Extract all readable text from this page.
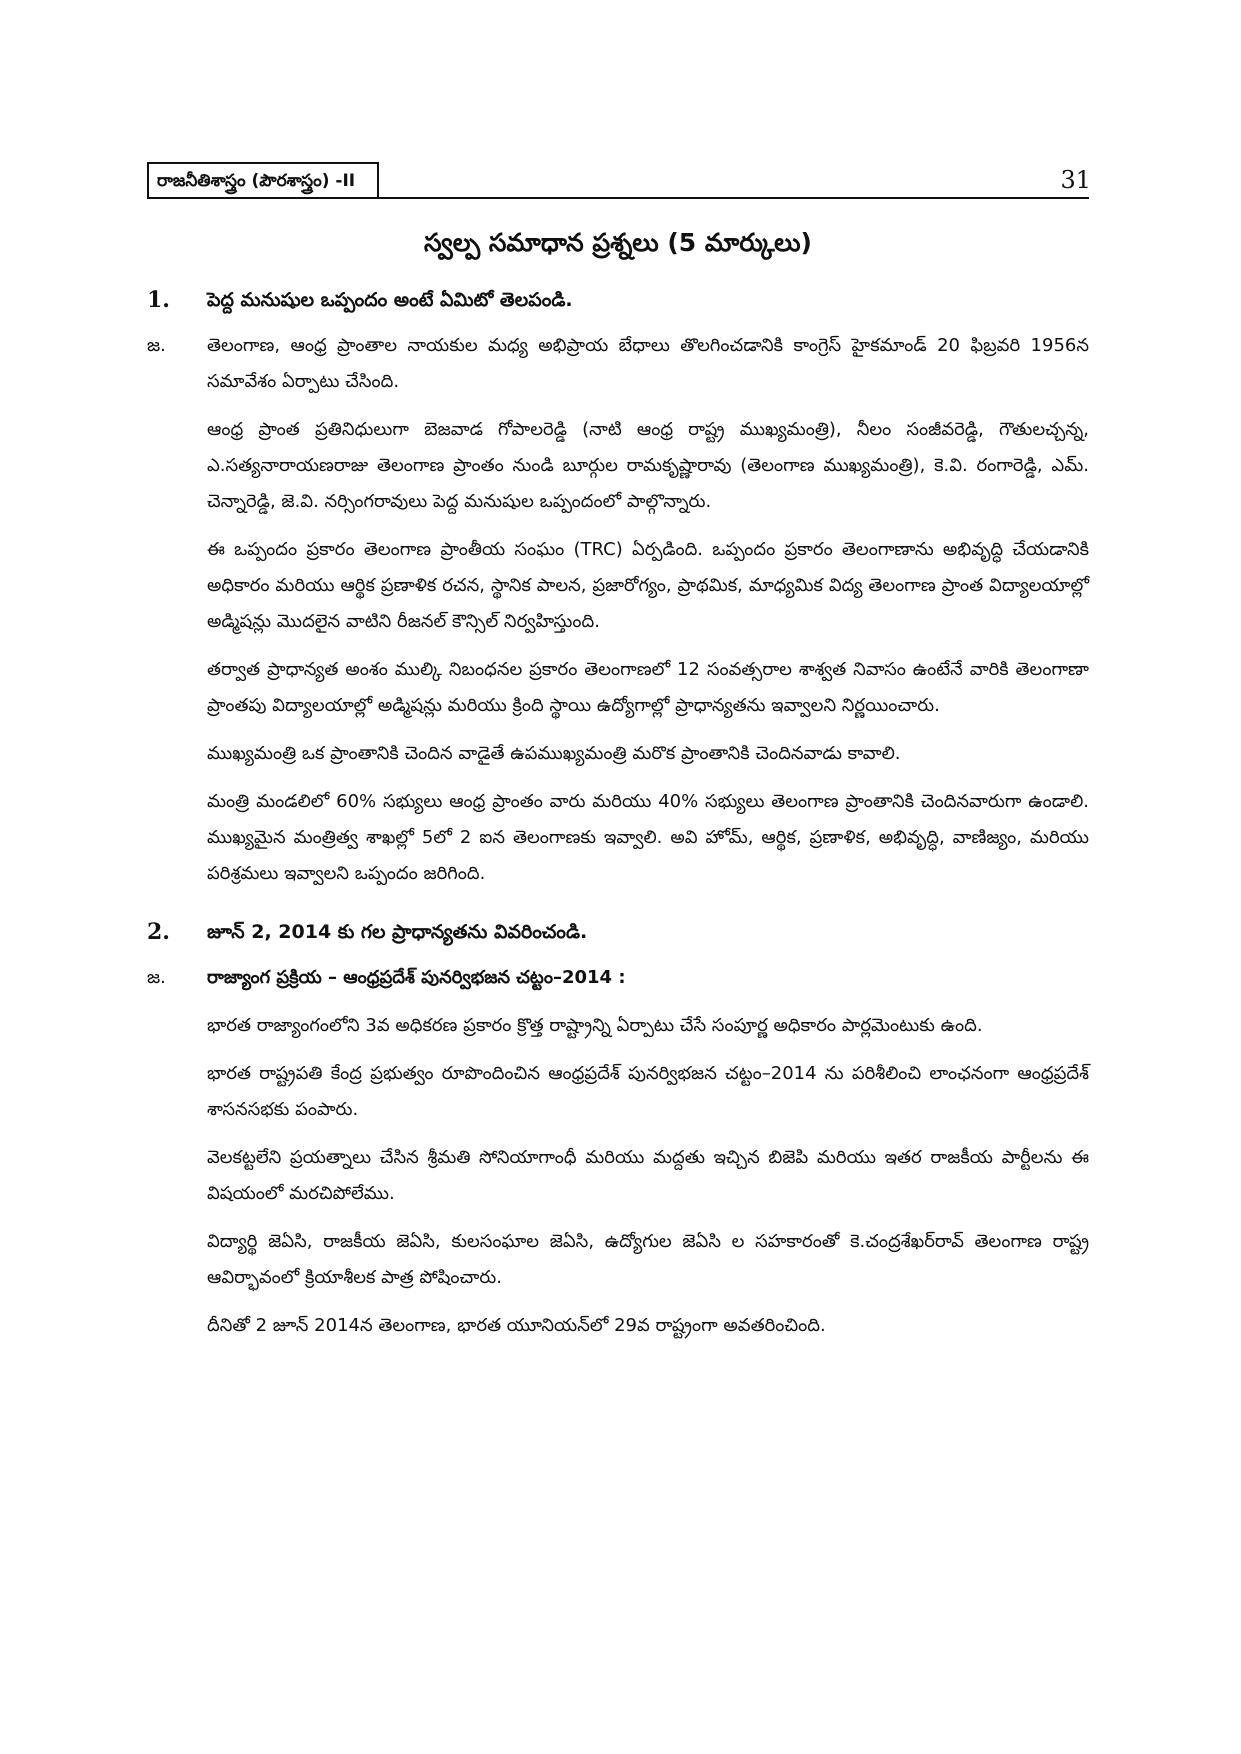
రాజనీతిశాస్త్రం (పౌరశాస్త్రం) -II	31
స్వల్ప సమాధాన ప్రశ్నలు (5 మార్కులు)
1.	పెద్ద మనుషుల ఒప్పందం అంటే ఏమిటో తెలపండి.
జ.	తెలంగాణ, ఆంధ్ర ప్రాంతాల నాయకుల మధ్య అభిప్రాయ బేధాలు తొలగించడానికి కాంగ్రెస్ హైకమాండ్ 20 ఫిబ్రవరి 1956న సమావేశం ఏర్పాటు చేసింది.

ఆంధ్ర ప్రాంత ప్రతినిధులుగా బెజవాడ గోపాలరెడ్డి (నాటి ఆంధ్ర రాష్ట్ర ముఖ్యమంత్రి), నీలం సంజీవరెడ్డి, గౌతులచ్చన్న, ఎ.సత్యనారాయణరాజు తెలంగాణ ప్రాంతం నుండి బూర్గుల రామకృష్ణారావు (తెలంగాణ ముఖ్యమంత్రి), కె.వి. రంగారెడ్డి, ఎమ్. చెన్నారెడ్డి, జె.వి. నర్సింగరావులు పెద్ద మనుషుల ఒప్పందంలో పాల్గొన్నారు.

ఈ ఒప్పందం ప్రకారం తెలంగాణ ప్రాంతీయ సంఘం (TRC) ఏర్పడింది. ఒప్పందం ప్రకారం తెలంగాణాను అభివృద్ధి చేయడానికి అధికారం మరియు ఆర్థిక ప్రణాళిక రచన, స్థానిక పాలన, ప్రజారోగ్యం, ప్రాథమిక, మాధ్యమిక విద్య తెలంగాణ ప్రాంత విద్యాలయాల్లో అడ్మిషన్లు మొదలైన వాటిని రీజనల్ కౌన్సిల్ నిర్వహిస్తుంది.

తర్వాత ప్రాధాన్యత అంశం ముల్కి నిబంధనల ప్రకారం తెలంగాణలో 12 సంవత్సరాల శాశ్వత నివాసం ఉంటేనే వారికి తెలంగాణా ప్రాంతపు విద్యాలయాల్లో అడ్మిషన్లు మరియు క్రింది స్థాయి ఉద్యోగాల్లో ప్రాధాన్యతను ఇవ్వాలని నిర్ణయించారు.

ముఖ్యమంత్రి ఒక ప్రాంతానికి చెందిన వాడైతే ఉపముఖ్యమంత్రి మరొక ప్రాంతానికి చెందినవాడు కావాలి.

మంత్రి మండలిలో 60% సభ్యులు ఆంధ్ర ప్రాంతం వారు మరియు 40% సభ్యులు తెలంగాణ ప్రాంతానికి చెందినవారుగా ఉండాలి. ముఖ్యమైన మంత్రిత్వ శాఖల్లో 5లో 2 ఐన తెలంగాణకు ఇవ్వాలి. అవి హోమ్, ఆర్థిక, ప్రణాళిక, అభివృద్ధి, వాణిజ్యం, మరియు పరిశ్రమలు ఇవ్వాలని ఒప్పందం జరిగింది.

2.	జూన్ 2, 2014 కు గల ప్రాధాన్యతను వివరించండి.
జ.	రాజ్యాంగ ప్రక్రియ – ఆంధ్రప్రదేశ్ పునర్విభజన చట్టం–2014 :

భారత రాజ్యాంగంలోని 3వ అధికరణ ప్రకారం క్రొత్త రాష్ట్రాన్ని ఏర్పాటు చేసే సంపూర్ణ అధికారం పార్లమెంటుకు ఉంది.

భారత రాష్ట్రపతి కేంద్ర ప్రభుత్వం రూపొందించిన ఆంధ్రప్రదేశ్ పునర్విభజన చట్టం–2014 ను పరిశీలించి లాంఛనంగా ఆంధ్రప్రదేశ్ శాసనసభకు పంపారు.

వెలకట్టలేని ప్రయత్నాలు చేసిన శ్రీమతి సోనియాగాంధీ మరియు మద్దతు ఇచ్చిన బిజెపి మరియు ఇతర రాజకీయ పార్టీలను ఈ విషయంలో మరచిపోలేము.

విద్యార్థి జెఏసి, రాజకీయ జెఏసి, కులసంఘాల జెఏసి, ఉద్యోగుల జెఏసి ల సహకారంతో కె.చంద్రశేఖర్‌రావ్ తెలంగాణ రాష్ట్ర ఆవిర్భావంలో క్రియాశీలక పాత్ర పోషించారు.

దీనితో 2 జూన్ 2014న తెలంగాణ, భారత యూనియన్‌లో 29వ రాష్ట్రంగా అవతరించింది.
